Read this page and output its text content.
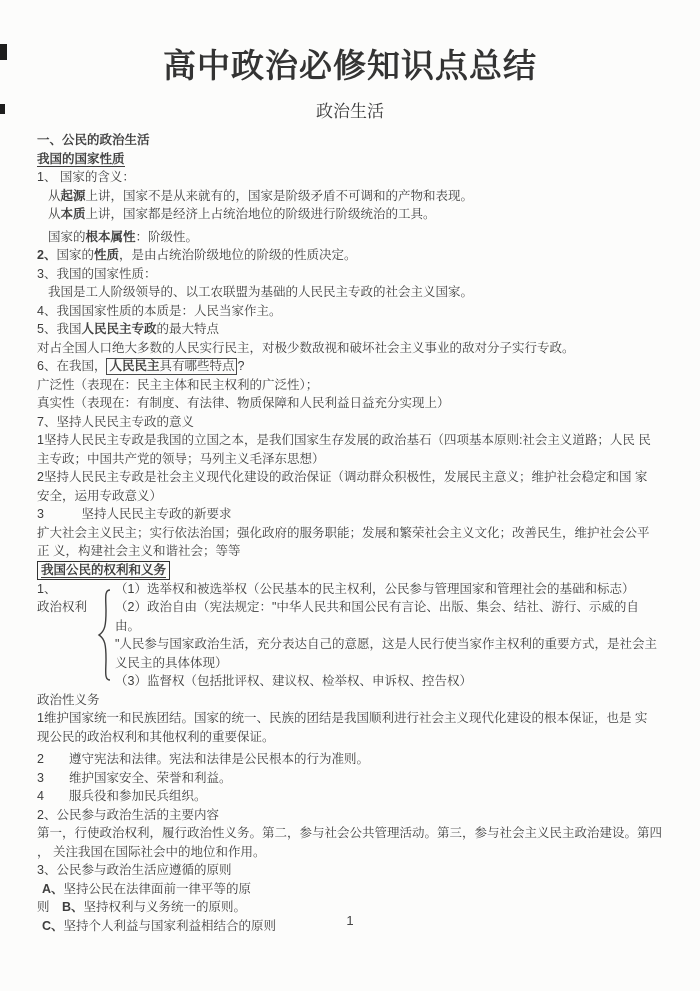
高中政治必修知识点总结
政治生活
一、公民的政治生活
我国的国家性质
1、 国家的含义：
从起源上讲，国家不是从来就有的，国家是阶级矛盾不可调和的产物和表现。
从本质上讲，国家都是经济上占统治地位的阶级进行阶级统治的工具。
国家的根本属性：阶级性。
2、国家的性质，是由占统治阶级地位的阶级的性质决定。
3、我国的国家性质：
我国是工人阶级领导的、以工农联盟为基础的人民民主专政的社会主义国家。
4、我国国家性质的本质是：人民当家作主。
5、我国人民民主专政的最大特点
对占全国人口绝大多数的人民实行民主，对极少数敌视和破坏社会主义事业的敌对分子实行专政。
6、在我国， 人民民主具有哪些特点 ?
广泛性（表现在：民主主体和民主权利的广泛性）；
真实性（表现在：有制度、有法律、物质保障和人民利益日益充分实现上）
7、坚持人民民主专政的意义
1坚持人民民主专政是我国的立国之本，是我们国家生存发展的政治基石（四项基本原则:社会主义道路；人民 民
主专政；中国共产党的领导；马列主义毛泽东思想）
2坚持人民民主专政是社会主义现代化建设的政治保证（调动群众积极性，发展民主意义；维护社会稳定和国 家
安全，运用专政意义）
3　　　坚持人民民主专政的新要求
扩大社会主义民主；实行依法治国；强化政府的服务职能；发展和繁荣社会主义文化；改善民生，维护社会公平
正 义，构建社会主义和谐社会；等等
我国公民的权利和义务
1、
政治权利
（1）选举权和被选举权（公民基本的民主权利，公民参与管理国家和管理社会的基础和标志）
（2）政治自由（宪法规定："中华人民共和国公民有言论、出版、集会、结社、游行、示威的自由。
"人民参与国家政治生活，充分表达自己的意愿，这是人民行使当家作主权利的重要方式，是社会主
义民主的具体体现）
（3）监督权（包括批评权、建议权、检举权、申诉权、控告权）
政治性义务
1维护国家统一和民族团结。国家的统一、民族的团结是我国顺利进行社会主义现代化建设的根本保证，也是 实
现公民的政治权利和其他权利的重要保证。
2　　遵守宪法和法律。宪法和法律是公民根本的行为准则。
3　　维护国家安全、荣誉和利益。
4　　服兵役和参加民兵组织。
2、公民参与政治生活的主要内容
第一，行使政治权利，履行政治性义务。第二，参与社会公共管理活动。第三，参与社会主义民主政治建设。第四
， 关注我国在国际社会中的地位和作用。
3、公民参与政治生活应遵循的原则
A、坚持公民在法律面前一律平等的原
则　B、坚持权利与义务统一的原则。
C、坚持个人利益与国家利益相结合的原则	1
